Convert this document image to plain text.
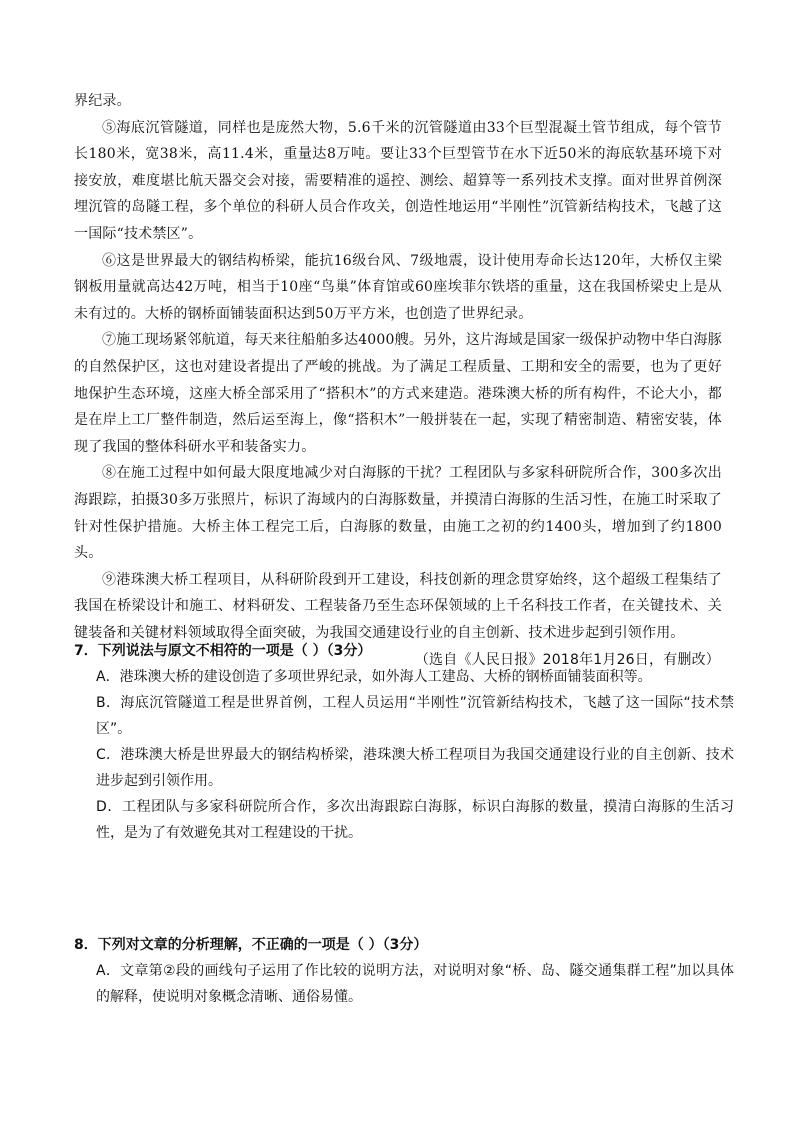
界纪录。

⑤海底沉管隧道，同样也是庞然大物，5.6千米的沉管隧道由33个巨型混凝土管节组成，每个管节长180米，宽38米，高11.4米，重量达8万吨。要让33个巨型管节在水下近50米的海底软基环境下对接安放，难度堪比航天器交会对接，需要精准的遥控、测绘、超算等一系列技术支撑。面对世界首例深埋沉管的岛隧工程，多个单位的科研人员合作攻关，创造性地运用“半刚性”沉管新结构技术，飞越了这一国际“技术禁区”。

⑥这是世界最大的钢结构桥梁，能抗16级台风、7级地震，设计使用寿命长达120年，大桥仅主梁钢板用量就高达42万吨，相当于10座“鸟巢”体育馆或60座埃菲尔铁塔的重量，这在我国桥梁史上是从未有过的。大桥的钢桥面铺装面积达到50万平方米，也创造了世界纪录。

⑦施工现场紧邻航道，每天来往船舶多达4000艘。另外，这片海域是国家一级保护动物中华白海豚的自然保护区，这也对建设者提出了严峻的挑战。为了满足工程质量、工期和安全的需要，也为了更好地保护生态环境，这座大桥全部采用了“搭积木”的方式来建造。港珠澳大桥的所有构件，不论大小，都是在岸上工厂整件制造，然后运至海上，像“搭积木”一般拼装在一起，实现了精密制造、精密安装，体现了我国的整体科研水平和装备实力。

⑧在施工过程中如何最大限度地减少对白海豚的干扰？工程团队与多家科研院所合作，300多次出海跟踪，拍摄30多万张照片，标识了海域内的白海豚数量，并摸清白海豚的生活习性，在施工时采取了针对性保护措施。大桥主体工程完工后，白海豚的数量，由施工之初的约1400头，增加到了约1800头。

⑨港珠澳大桥工程项目，从科研阶段到开工建设，科技创新的理念贯穿始终，这个超级工程集结了我国在桥梁设计和施工、材料研发、工程装备乃至生态环保领域的上千名科技工作者，在关键技术、关键装备和关键材料领域取得全面突破，为我国交通建设行业的自主创新、技术进步起到引领作用。

（选自《人民日报》2018年1月26日，有删改）

7．下列说法与原文不相符的一项是（ ）（3分）

A．港珠澳大桥的建设创造了多项世界纪录，如外海人工建岛、大桥的钢桥面铺装面积等。

B．海底沉管隧道工程是世界首例，工程人员运用“半刚性”沉管新结构技术，飞越了这一国际“技术禁区”。

C．港珠澳大桥是世界最大的钢结构桥梁，港珠澳大桥工程项目为我国交通建设行业的自主创新、技术进步起到引领作用。

D．工程团队与多家科研院所合作，多次出海跟踪白海豚，标识白海豚的数量，摸清白海豚的生活习性，是为了有效避免其对工程建设的干扰。

8．下列对文章的分析理解，不正确的一项是（ ）（3分）

A．文章第②段的画线句子运用了作比较的说明方法，对说明对象“桥、岛、隧交通集群工程”加以具体的解释，使说明对象概念清晰、通俗易懂。
